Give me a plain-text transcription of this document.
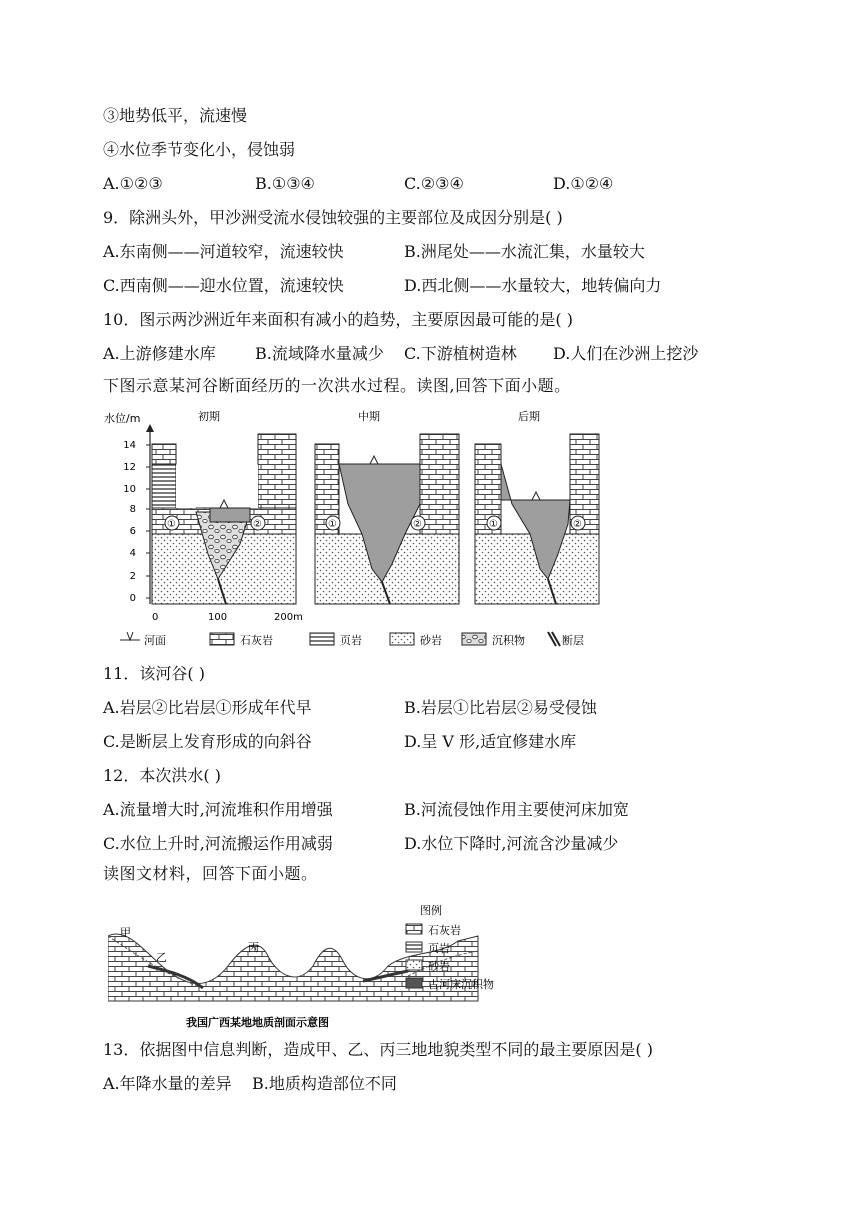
③地势低平，流速慢
④水位季节变化小，侵蚀弱
A.①②③	B.①③④	C.②③④	D.①②④
9．除洲头外，甲沙洲受流水侵蚀较强的主要部位及成因分别是( )
A.东南侧——河道较窄，流速较快	B.洲尾处——水流汇集，水量较大
C.西南侧——迎水位置，流速较快	D.西北侧——水量较大，地转偏向力
10．图示两沙洲近年来面积有减小的趋势，主要原因最可能的是( )
A.上游修建水库 B.流域降水量减少 C.下游植树造林 D.人们在沙洲上挖沙
下图示意某河谷断面经历的一次洪水过程。读图,回答下面小题。
水位/m
0
2
4
6
8
10
12
14
0	100	200m
初期
①	②
中期
①	②
后期
①	②
河面	石灰岩	页岩	砂岩	沉积物	断层
11．该河谷( )
A.岩层②比岩层①形成年代早	B.岩层①比岩层②易受侵蚀
C.是断层上发育形成的向斜谷	D.呈 V 形,适宜修建水库
12．本次洪水( )
A.流量增大时,河流堆积作用增强	B.河流侵蚀作用主要使河床加宽
C.水位上升时,河流搬运作用减弱	D.水位下降时,河流含沙量减少
读图文材料，回答下面小题。
甲
乙
丙
我国广西某地地质剖面示意图
图例
石灰岩
页岩
砂岩
古河床沉积物
13．依据图中信息判断，造成甲、乙、丙三地地貌类型不同的最主要原因是( )
A.年降水量的差异 B.地质构造部位不同
